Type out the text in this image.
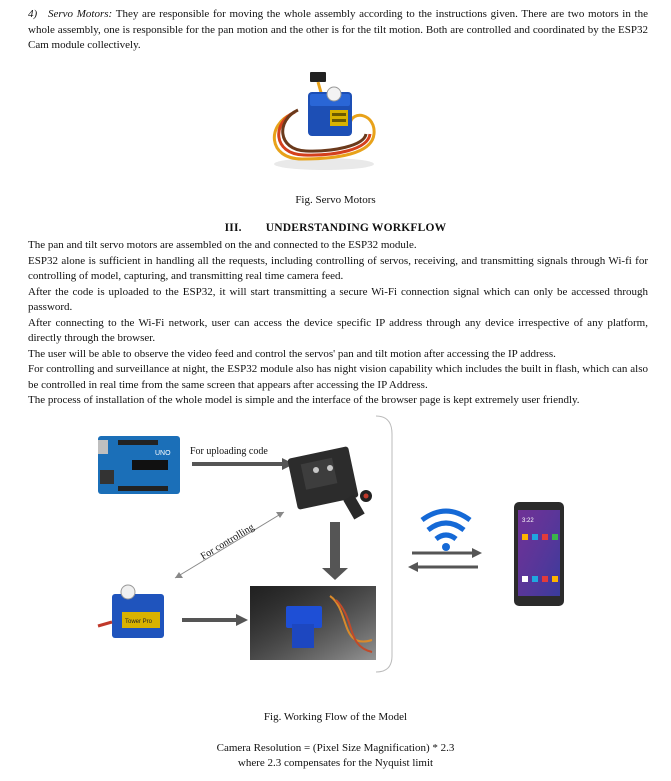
4) Servo Motors: They are responsible for moving the whole assembly according to the instructions given. There are two motors in the whole assembly, one is responsible for the pan motion and the other is for the tilt motion. Both are controlled and coordinated by the ESP32 Cam module collectively.
Fig. Servo Motors
III. UNDERSTANDING WORKFLOW

The pan and tilt servo motors are assembled on the and connected to the ESP32 module.

ESP32 alone is sufficient in handling all the requests, including controlling of servos, receiving, and transmitting signals through Wi-fi for controlling of model, capturing, and transmitting real time camera feed.

After the code is uploaded to the ESP32, it will start transmitting a secure Wi-Fi connection signal which can only be accessed through password.

After connecting to the Wi-Fi network, user can access the device specific IP address through any device irrespective of any platform, directly through the browser.

The user will be able to observe the video feed and control the servos' pan and tilt motion after accessing the IP address.

For controlling and surveillance at night, the ESP32 module also has night vision capability which includes the built in flash, which can also be controlled in real time from the same screen that appears after accessing the IP Address.

The process of installation of the whole model is simple and the interface of the browser page is kept extremely user friendly.

UNO For uploading code
For controlling
Tower Pro
3:22
Fig. Working Flow of the Model
Camera Resolution = (Pixel Size Magnification) * 2.3
where 2.3 compensates for the Nyquist limit
